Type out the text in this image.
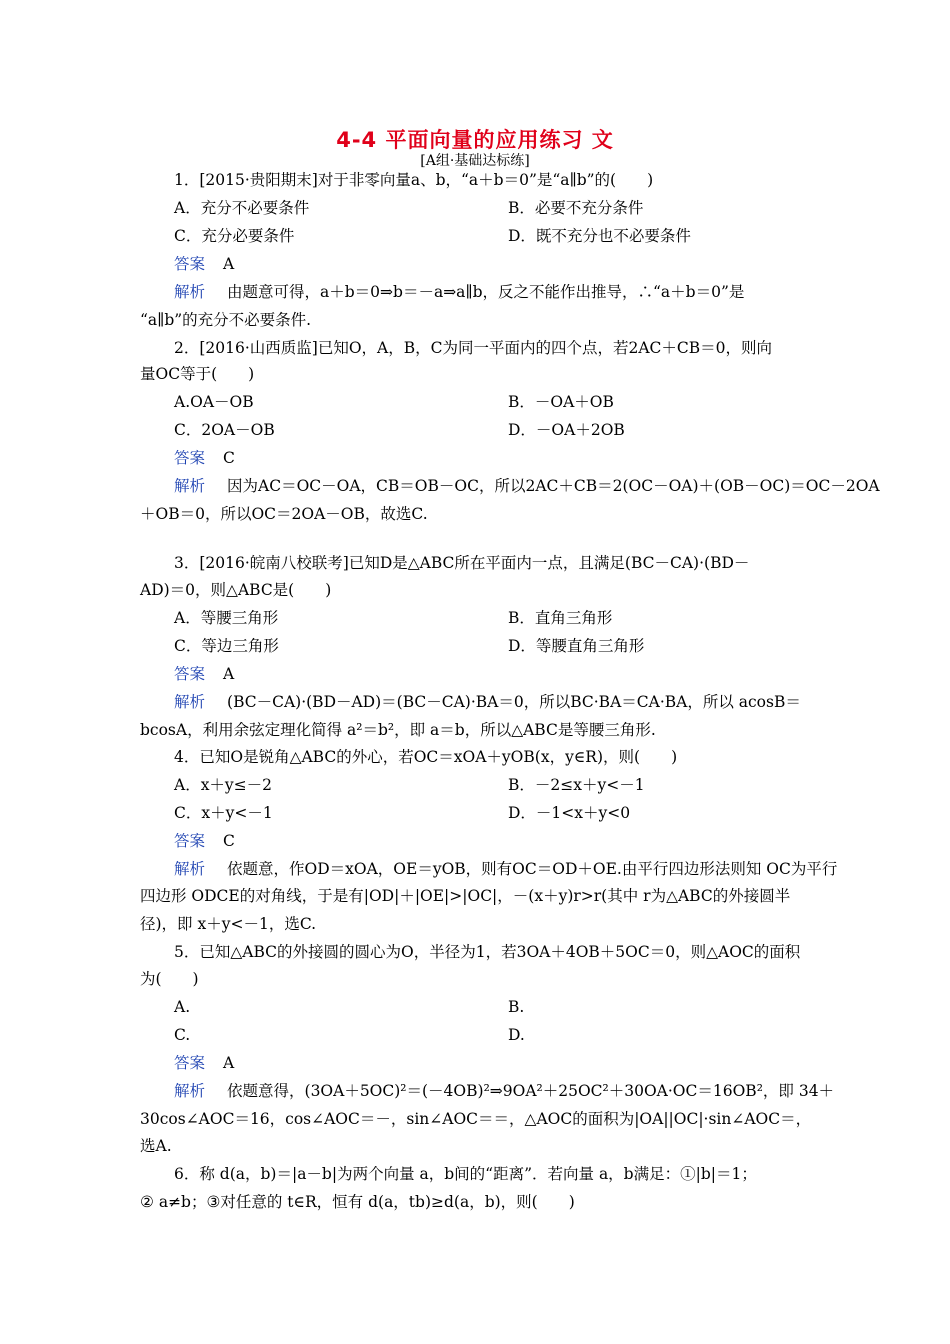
4-4 平面向量的应用练习 文
[A组·基础达标练]
1．[2015·贵阳期末]对于非零向量a、b，“a＋b＝0”是“a∥b”的(　　)
A．充分不必要条件	B．必要不充分条件
C．充分必要条件	D．既不充分也不必要条件
答案 A
解析 由题意可得，a＋b＝0⇒b＝－a⇒a∥b，反之不能作出推导，∴“a＋b＝0”是
“a∥b”的充分不必要条件.
2．[2016·山西质监]已知O，A，B，C为同一平面内的四个点，若2AC＋CB＝0，则向
量OC等于(　　)
A.OA－OB	B．－OA＋OB
C．2OA－OB	D．－OA＋2OB
答案 C
解析 因为AC＝OC－OA，CB＝OB－OC，所以2AC＋CB＝2(OC－OA)＋(OB－OC)＝OC－2OA
＋OB＝0，所以OC＝2OA－OB，故选C.
3．[2016·皖南八校联考]已知D是△ABC所在平面内一点，且满足(BC－CA)·(BD－
AD)＝0，则△ABC是(　　)
A．等腰三角形	B．直角三角形
C．等边三角形	D．等腰直角三角形
答案 A
解析 (BC－CA)·(BD－AD)＝(BC－CA)·BA＝0，所以BC·BA＝CA·BA，所以 acosB＝
bcosA，利用余弦定理化简得 a²＝b²，即 a＝b，所以△ABC是等腰三角形.
4．已知O是锐角△ABC的外心，若OC＝xOA＋yOB(x，y∈R)，则(　　)
A．x＋y≤－2	B．－2≤x＋y<－1
C．x＋y<－1	D．－1<x＋y<0
答案 C
解析 依题意，作OD＝xOA，OE＝yOB，则有OC＝OD＋OE.由平行四边形法则知 OC为平行
四边形 ODCE的对角线，于是有|OD|＋|OE|>|OC|，－(x＋y)r>r(其中 r为△ABC的外接圆半
径)，即 x＋y<－1，选C.
5．已知△ABC的外接圆的圆心为O，半径为1，若3OA＋4OB＋5OC＝0，则△AOC的面积
为(　　)
A.	B.
C.	D.
答案 A
解析 依题意得，(3OA＋5OC)²＝(－4OB)²⇒9OA²＋25OC²＋30OA·OC＝16OB²，即 34＋
30cos∠AOC＝16，cos∠AOC＝－，sin∠AOC＝＝，△AOC的面积为|OA||OC|·sin∠AOC＝，
选A.
6．称 d(a，b)＝|a－b|为两个向量 a，b间的“距离”．若向量 a，b满足：①|b|＝1；
② a≠b；③对任意的 t∈R，恒有 d(a，tb)≥d(a，b)，则(　　)
